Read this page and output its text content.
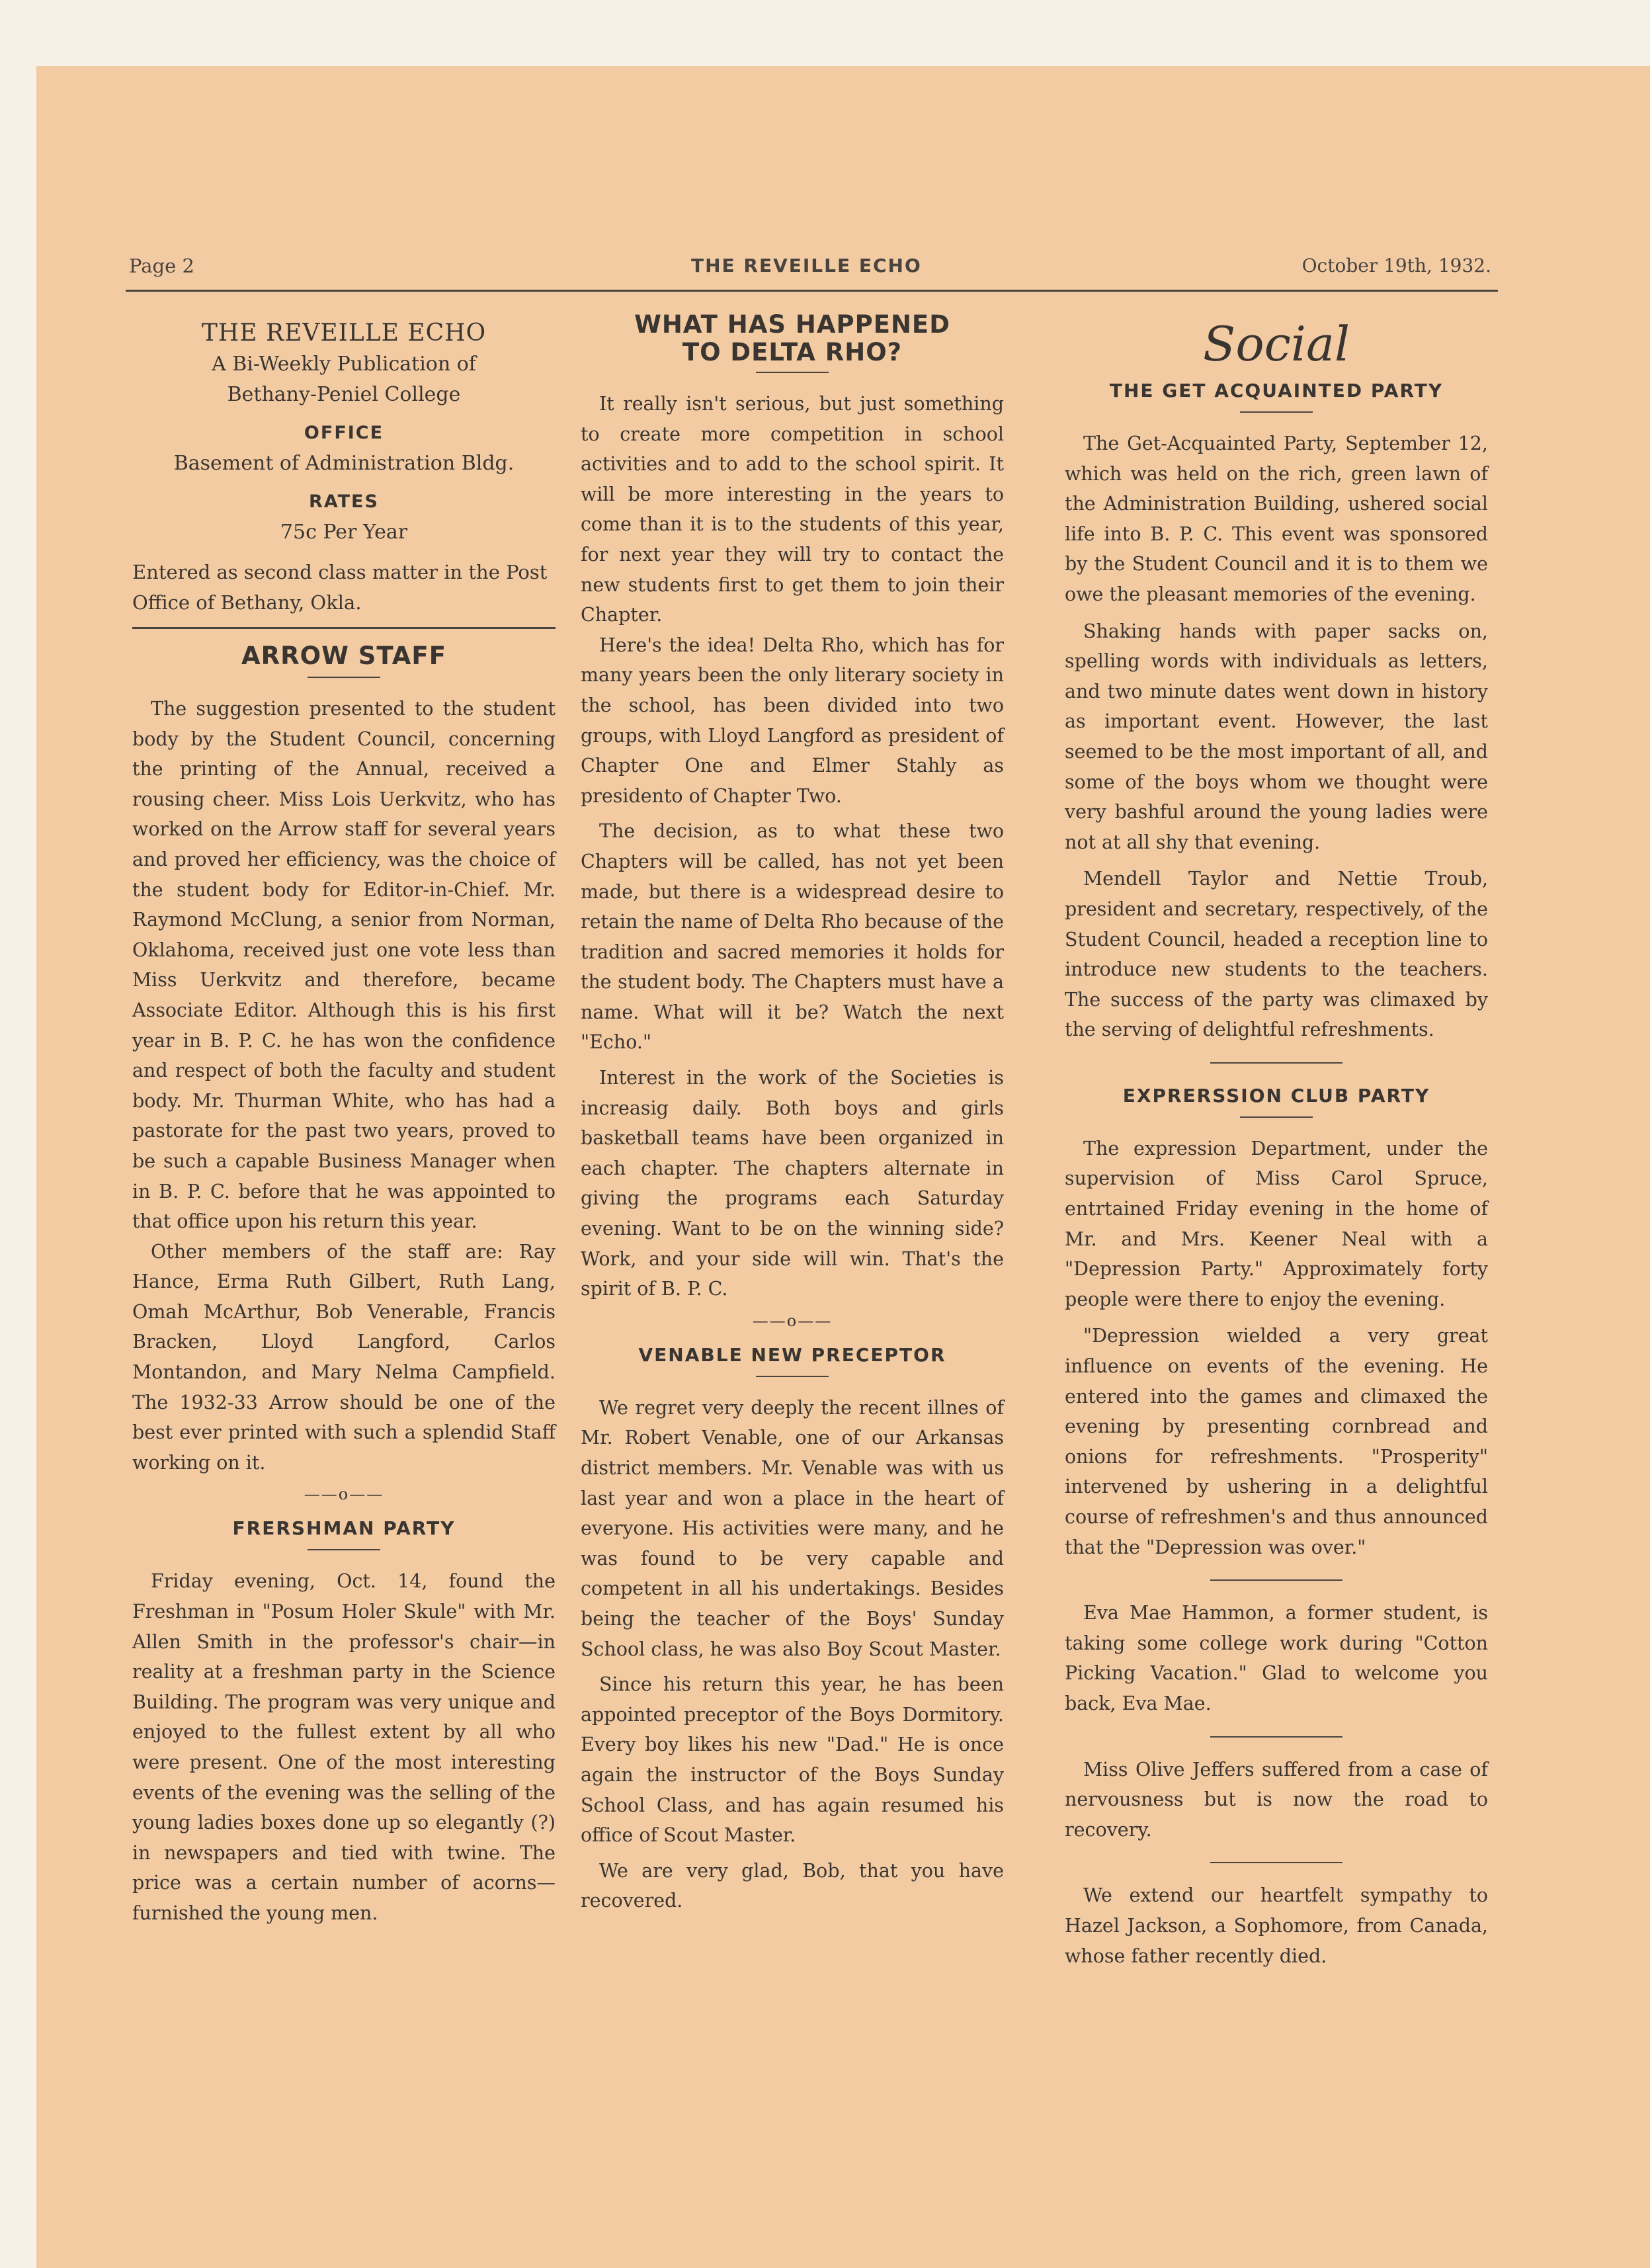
Page 2	THE REVEILLE ECHO	October 19th, 1932.
THE REVEILLE ECHO
A Bi-Weekly Publication of
Bethany-Peniel College
OFFICE
Basement of Administration Bldg.
RATES
75c Per Year

Entered as second class matter in the Post Office of Bethany, Okla.

ARROW STAFF

The suggestion presented to the student body by the Student Council, concerning the printing of the Annual, received a rousing cheer. Miss Lois Uerkvitz, who has worked on the Arrow staff for several years and proved her efficiency, was the choice of the student body for Editor-in-Chief. Mr. Raymond McClung, a senior from Norman, Oklahoma, received just one vote less than Miss Uerkvitz and therefore, became Associate Editor. Although this is his first year in B. P. C. he has won the confidence and respect of both the faculty and student body. Mr. Thurman White, who has had a pastorate for the past two years, proved to be such a capable Business Manager when in B. P. C. before that he was appointed to that office upon his return this year.

Other members of the staff are: Ray Hance, Erma Ruth Gilbert, Ruth Lang, Omah McArthur, Bob Venerable, Francis Bracken, Lloyd Langford, Carlos Montandon, and Mary Nelma Campfield. The 1932-33 Arrow should be one of the best ever printed with such a splendid Staff working on it.

——o——
FRERSHMAN PARTY

Friday evening, Oct. 14, found the Freshman in "Posum Holer Skule" with Mr. Allen Smith in the professor's chair—in reality at a freshman party in the Science Building. The program was very unique and enjoyed to the fullest extent by all who were present. One of the most interesting events of the evening was the selling of the young ladies boxes done up so elegantly (?) in newspapers and tied with twine. The price was a certain number of acorns—furnished the young men.

WHAT HAS HAPPENED
TO DELTA RHO?

It really isn't serious, but just something to create more competition in school activities and to add to the school spirit. It will be more interesting in the years to come than it is to the students of this year, for next year they will try to contact the new students first to get them to join their Chapter.

Here's the idea! Delta Rho, which has for many years been the only literary society in the school, has been divided into two groups, with Lloyd Langford as president of Chapter One and Elmer Stahly as presidento of Chapter Two.

The decision, as to what these two Chapters will be called, has not yet been made, but there is a widespread desire to retain the name of Delta Rho because of the tradition and sacred memories it holds for the student body. The Chapters must have a name. What will it be? Watch the next "Echo."

Interest in the work of the Societies is increasig daily. Both boys and girls basketball teams have been organized in each chapter. The chapters alternate in giving the programs each Saturday evening. Want to be on the winning side? Work, and your side will win. That's the spirit of B. P. C.

——o——
VENABLE NEW PRECEPTOR

We regret very deeply the recent illnes of Mr. Robert Venable, one of our Arkansas district members. Mr. Venable was with us last year and won a place in the heart of everyone. His activities were many, and he was found to be very capable and competent in all his undertakings. Besides being the teacher of the Boys' Sunday School class, he was also Boy Scout Master.

Since his return this year, he has been appointed preceptor of the Boys Dormitory. Every boy likes his new "Dad." He is once again the instructor of the Boys Sunday School Class, and has again resumed his office of Scout Master.

We are very glad, Bob, that you have recovered.

Social
THE GET ACQUAINTED PARTY

The Get-Acquainted Party, September 12, which was held on the rich, green lawn of the Administration Building, ushered social life into B. P. C. This event was sponsored by the Student Council and it is to them we owe the pleasant memories of the evening.

Shaking hands with paper sacks on, spelling words with individuals as letters, and two minute dates went down in history as important event. However, the last seemed to be the most important of all, and some of the boys whom we thought were very bashful around the young ladies were not at all shy that evening.

Mendell Taylor and Nettie Troub, president and secretary, respectively, of the Student Council, headed a reception line to introduce new students to the teachers. The success of the party was climaxed by the serving of delightful refreshments.

EXPRERSSION CLUB PARTY

The expression Department, under the supervision of Miss Carol Spruce, entrtained Friday evening in the home of Mr. and Mrs. Keener Neal with a "Depression Party." Approximately forty people were there to enjoy the evening.

"Depression wielded a very great influence on events of the evening. He entered into the games and climaxed the evening by presenting cornbread and onions for refreshments. "Prosperity" intervened by ushering in a delightful course of refreshmen's and thus announced that the "Depression was over."

Eva Mae Hammon, a former student, is taking some college work during "Cotton Picking Vacation." Glad to welcome you back, Eva Mae.

Miss Olive Jeffers suffered from a case of nervousness but is now the road to recovery.

We extend our heartfelt sympathy to Hazel Jackson, a Sophomore, from Canada, whose father recently died.
